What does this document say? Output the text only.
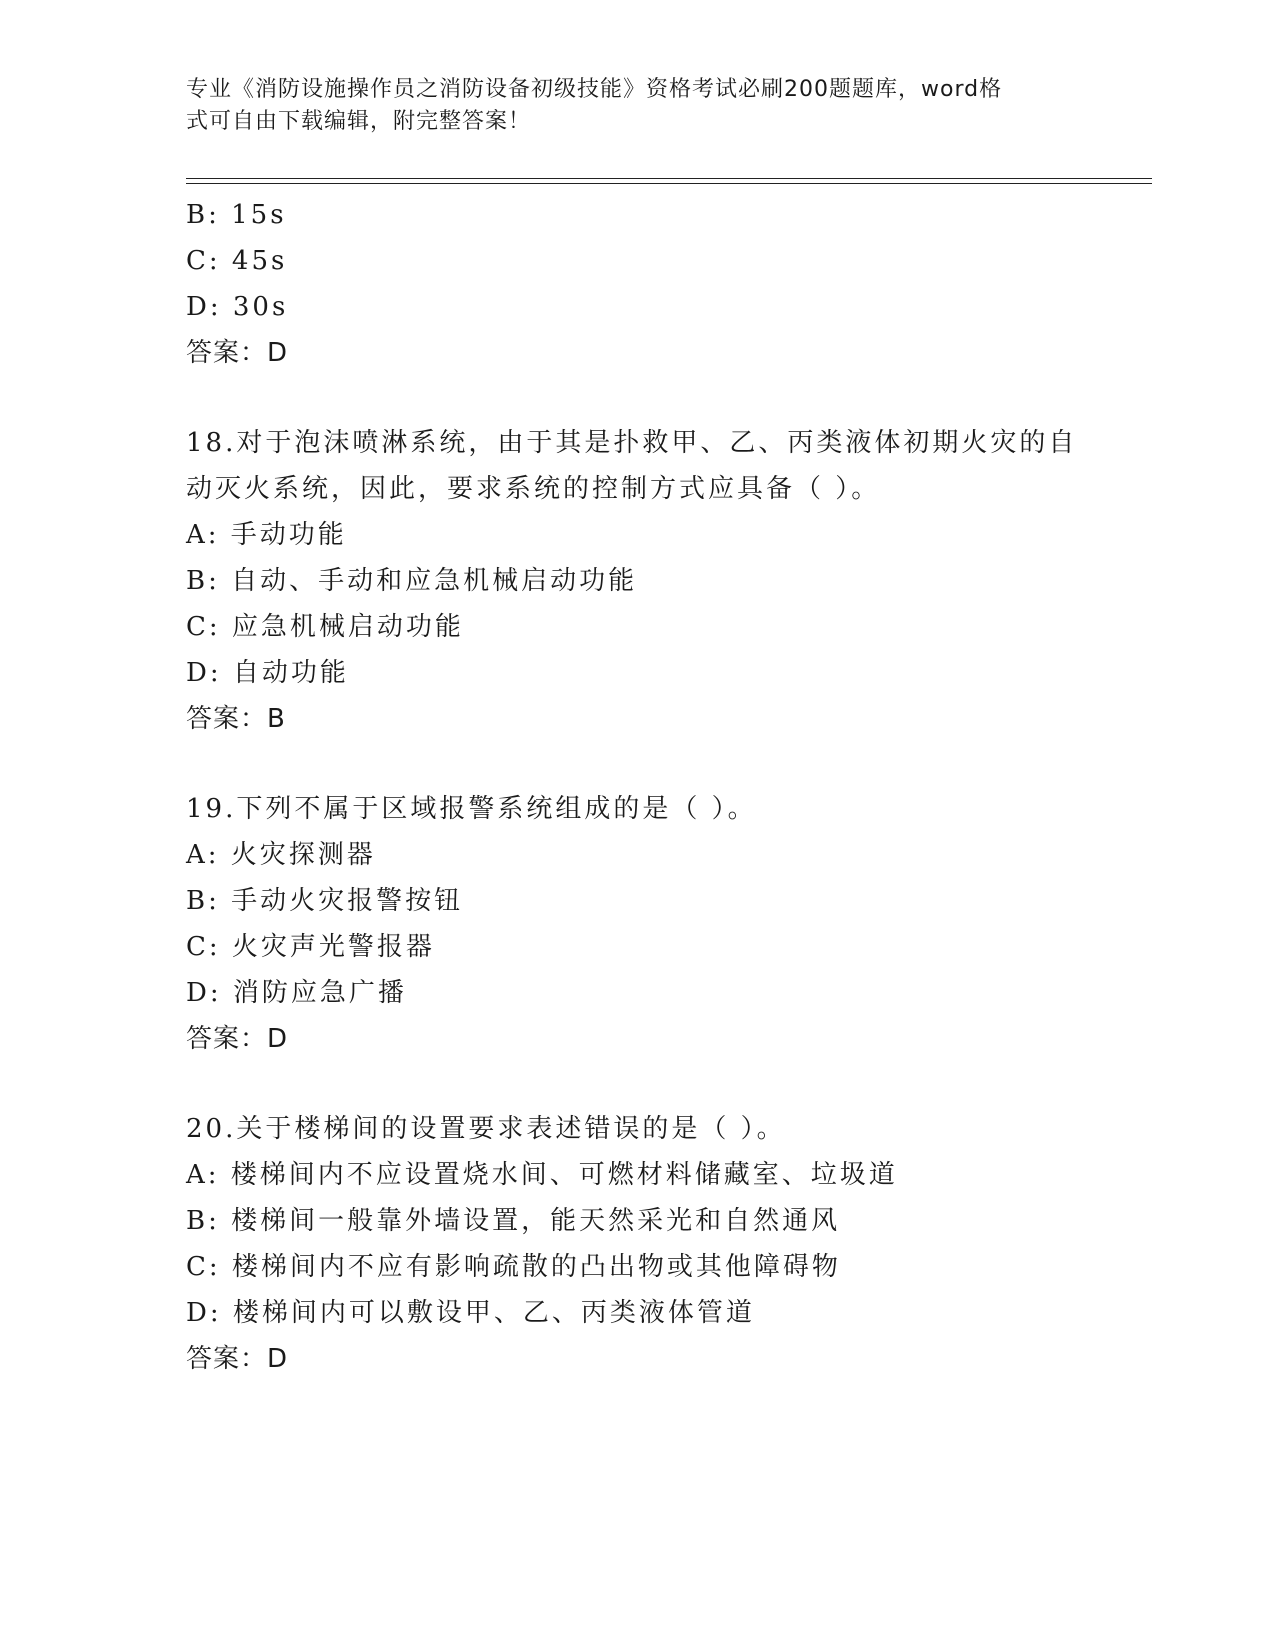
专业《消防设施操作员之消防设备初级技能》资格考试必刷200题题库，word格
式可自由下载编辑，附完整答案！
B: 15s
C: 45s
D: 30s
答案：D
18.对于泡沫喷淋系统，由于其是扑救甲、乙、丙类液体初期火灾的自
动灭火系统，因此，要求系统的控制方式应具备（ ）。
A: 手动功能
B: 自动、手动和应急机械启动功能
C: 应急机械启动功能
D: 自动功能
答案：B
19.下列不属于区域报警系统组成的是（ ）。
A: 火灾探测器
B: 手动火灾报警按钮
C: 火灾声光警报器
D: 消防应急广播
答案：D
20.关于楼梯间的设置要求表述错误的是（ ）。
A: 楼梯间内不应设置烧水间、可燃材料储藏室、垃圾道
B: 楼梯间一般靠外墙设置，能天然采光和自然通风
C: 楼梯间内不应有影响疏散的凸出物或其他障碍物
D: 楼梯间内可以敷设甲、乙、丙类液体管道
答案：D
